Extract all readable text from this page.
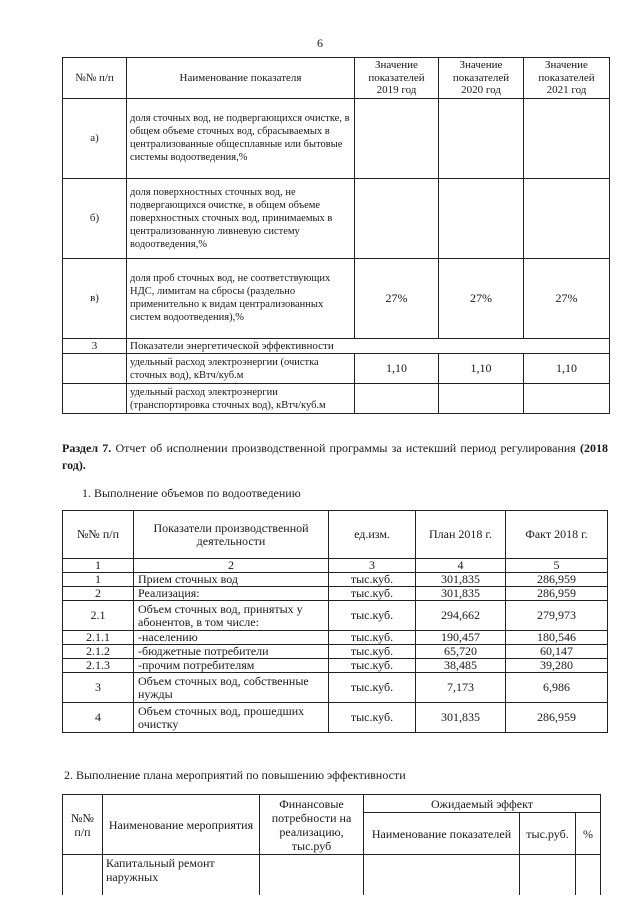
6
№№ п/п	Наименование показателя	Значение показателей 2019 год	Значение показателей 2020 год	Значение показателей 2021 год
а)	доля сточных вод, не подвергающихся очистке, в общем объеме сточных вод, сбрасываемых в централизованные общесплавные или бытовые системы водоотведения,%			
б)	доля поверхностных сточных вод, не подвергающихся очистке, в общем объеме поверхностных сточных вод, принимаемых в централизованную ливневую систему водоотведения,%			
в)	доля проб сточных вод, не соответствующих НДС, лимитам на сбросы (раздельно применительно к видам централизованных систем водоотведения),%	27%	27%	27%
3	Показатели энергетической эффективности			
	удельный расход электроэнергии (очистка сточных вод), кВтч/куб.м	1,10	1,10	1,10
	удельный расход электроэнергии (транспортировка сточных вод), кВтч/куб.м			
Раздел 7. Отчет об исполнении производственной программы за истекший период регулирования (2018 год).
1. Выполнение объемов по водоотведению
№№ п/п	Показатели производственной деятельности	ед.изм.	План 2018 г.	Факт 2018 г.
1	2	3	4	5
1	Прием сточных вод	тыс.куб.	301,835	286,959
2	Реализация:	тыс.куб.	301,835	286,959
2.1	Объем сточных вод, принятых у абонентов, в том числе:	тыс.куб.	294,662	279,973
2.1.1	-населению	тыс.куб.	190,457	180,546
2.1.2	-бюджетные потребители	тыс.куб.	65,720	60,147
2.1.3	-прочим потребителям	тыс.куб.	38,485	39,280
3	Объем сточных вод, собственные нужды	тыс.куб.	7,173	6,986
4	Объем сточных вод, прошедших очистку	тыс.куб.	301,835	286,959
2. Выполнение плана мероприятий по повышению эффективности
№№ п/п	Наименование мероприятия	Финансовые потребности на реализацию, тыс.руб	Ожидаемый эффект		
			Наименование показателей	тыс.руб.	%
	Капитальный ремонт наружных				
